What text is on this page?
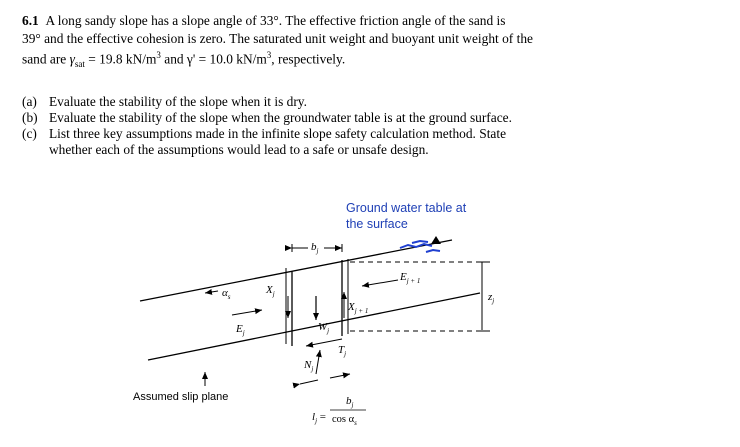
6.1 A long sandy slope has a slope angle of 33°. The effective friction angle of the sand is
39° and the effective cohesion is zero. The saturated unit weight and buoyant unit weight of the
sand are $\gamma_{sat} = 19.8$ $kN/m^3$ and γ' = 10.0 $kN/m^3$, respectively.
(a) Evaluate the stability of the slope when it is dry.
(b) Evaluate the stability of the slope when the groundwater table is at the ground surface.
(c) List three key assumptions made in the infinite slope safety calculation method. State
whether each of the assumptions would lead to a safe or unsafe design.
Ground water table at
the surface
Assumed slip plane
$b_j$
$\alpha_s$
$X_j$
$W_j$
$X_{j + 1}$
$E_{j + 1}$
$E_j$
$T_j$
$N_j$
$z_j$
$l_j$ =
$b_j$
$\cos \alpha_s$
